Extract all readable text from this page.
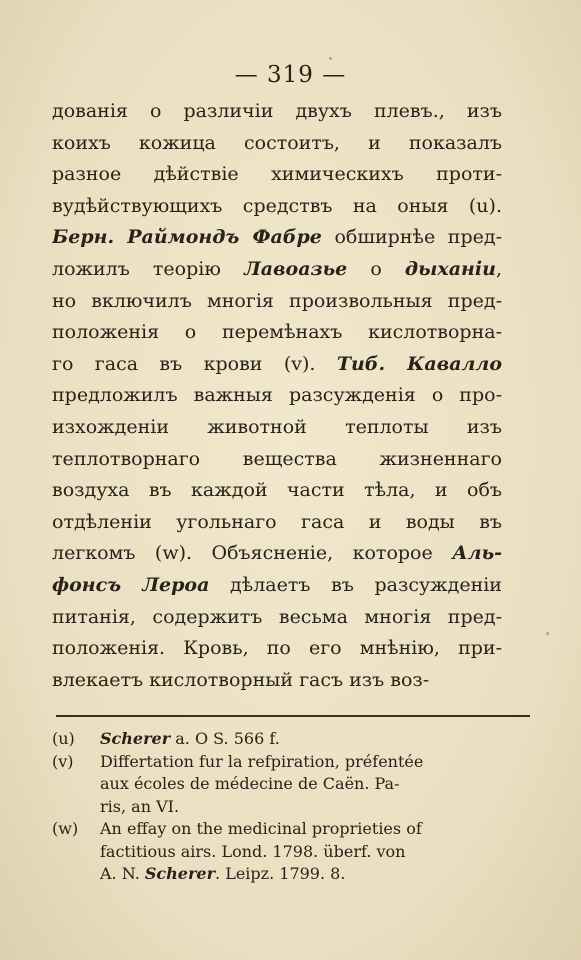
— 319 —
дованія о различіи двухъ плевъ., изъ
коихъ кожица состоитъ, и показалъ
разное дѣйствіе химическихъ проти-
вудѣйствующихъ средствъ на оныя (u).
Берн. Раймондъ Фабре обширнѣе пред-
ложилъ теорію Лавоазье о дыханіи,
но включилъ многія произвольныя пред-
положенія о перемѣнахъ кислотворна-
го гаса въ крови (v). Тиб. Кавалло
предложилъ важныя разсужденія о про-
изхожденіи животной теплоты изъ
теплотворнаго вещества жизненнаго
воздуха въ каждой части тѣла, и объ
отдѣленіи угольнаго гаса и воды въ
легкомъ (w). Объясненіе, которое Аль-
фонсъ Лероа дѣлаетъ въ разсужденіи
питанія, содержитъ весьма многія пред-
положенія. Кровь, по его мнѣнію, при-
влекаетъ кислотворный гасъ изъ воз-
(u) Scherer a. O S. 566 f.
(v) Differtation fur la refpiration, préfentée
aux écoles de médecine de Caën. Pa-
ris, an VI.
(w) An effay on the medicinal proprieties of
factitious airs. Lond. 1798. überf. von
A. N. Scherer. Leipz. 1799. 8.
